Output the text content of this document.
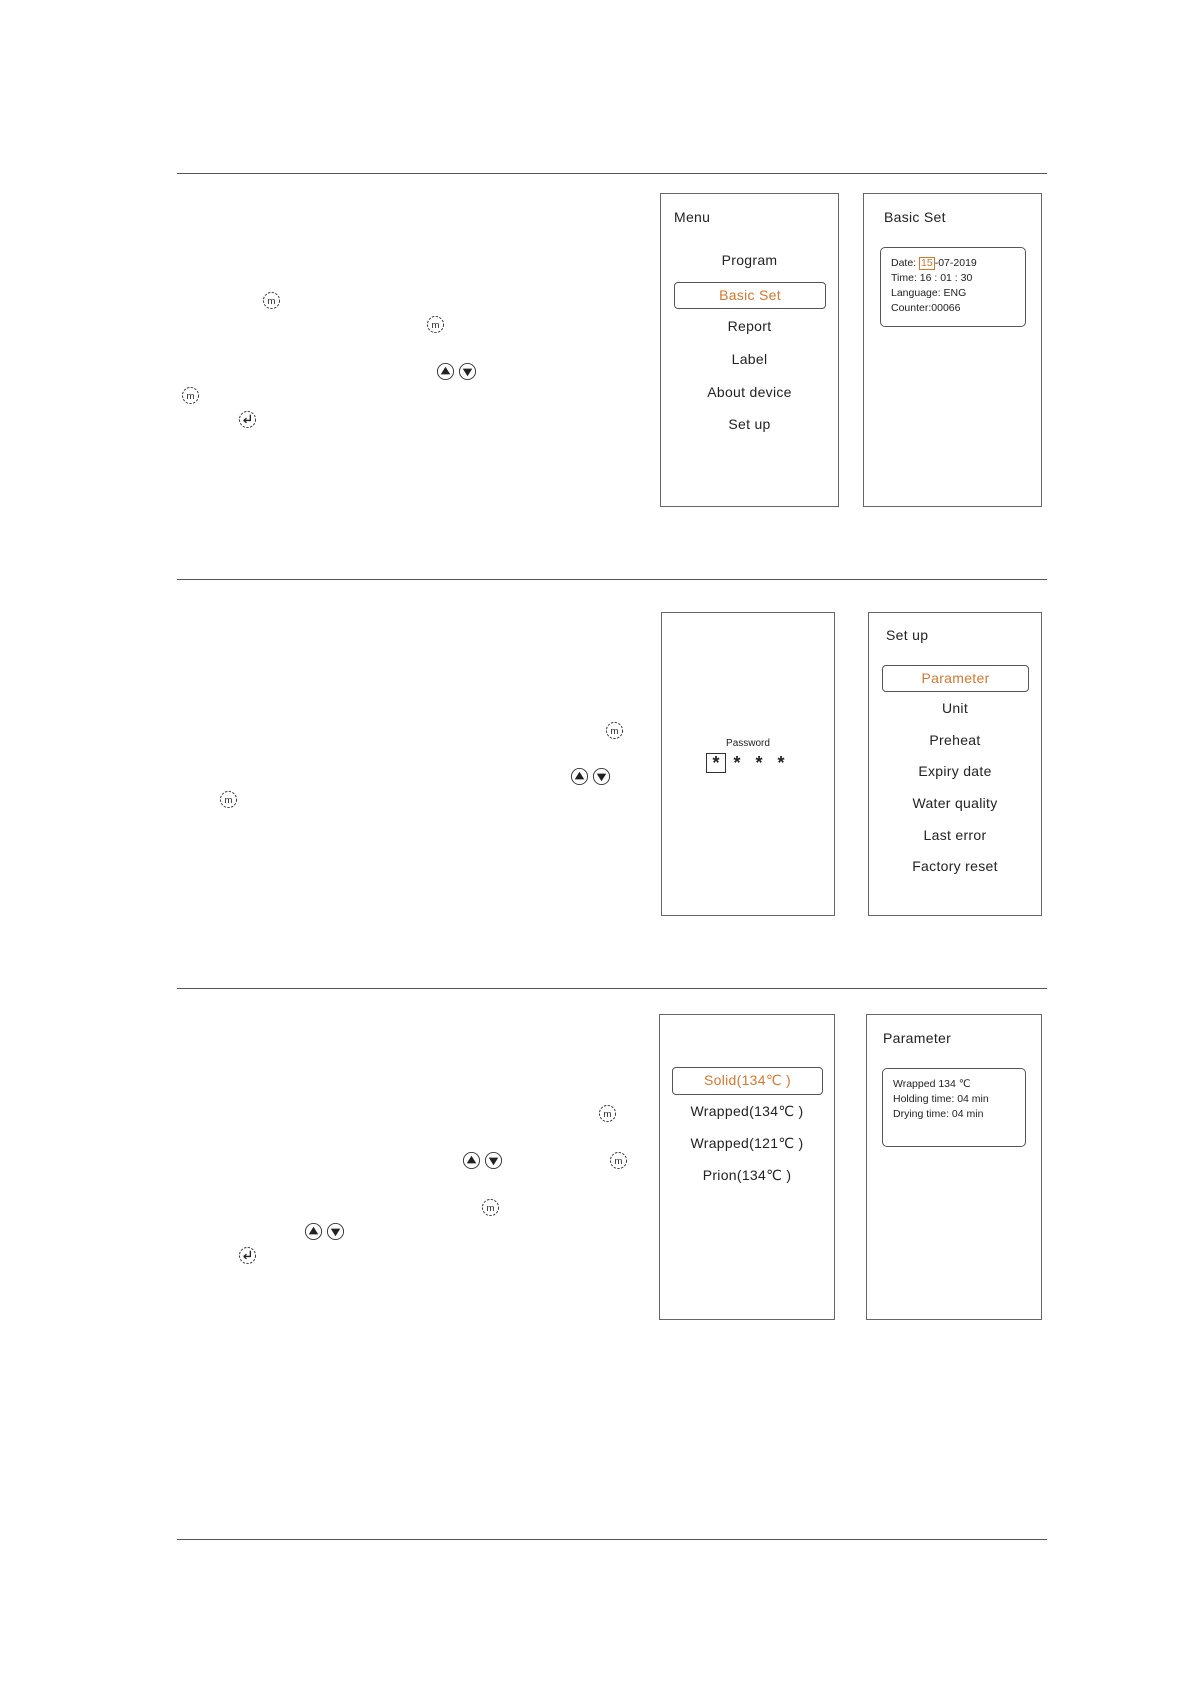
m
m
m
Menu
Program
Basic Set
Report
Label
About device
Set up
Basic Set
Date: 15 -07-2019
Time: 16 : 01 : 30
Language: ENG
Counter:00066
m
m
Password
* * * *
Set up
Parameter
Unit
Preheat
Expiry date
Water quality
Last error
Factory reset
m
m
m
Solid(134℃ )
Wrapped(134℃ )
Wrapped(121℃ )
Prion(134℃ )
Parameter
Wrapped 134 ℃
Holding time: 04 min
Drying time: 04 min
